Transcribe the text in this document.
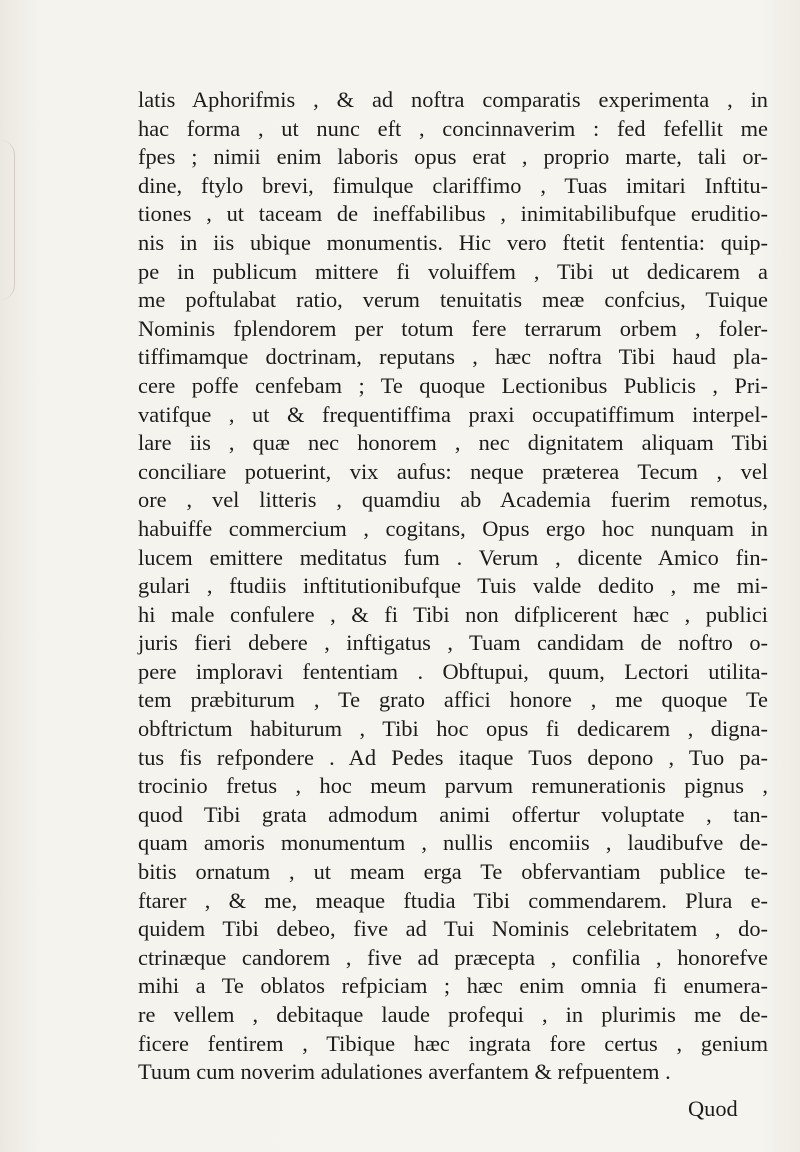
latis Aphorifmis , & ad noftra comparatis experimenta , in
hac forma , ut nunc eft , concinnaverim : fed fefellit me
fpes ; nimii enim laboris opus erat , proprio marte, tali or-
dine, ftylo brevi, fimulque clariffimo , Tuas imitari Inftitu-
tiones , ut taceam de ineffabilibus , inimitabilibufque eruditio-
nis in iis ubique monumentis. Hic vero ftetit fententia: quip-
pe in publicum mittere fi voluiffem , Tibi ut dedicarem a
me poftulabat ratio, verum tenuitatis meæ confcius, Tuique
Nominis fplendorem per totum fere terrarum orbem , foler-
tiffimamque doctrinam, reputans , hæc noftra Tibi haud pla-
cere poffe cenfebam ; Te quoque Lectionibus Publicis , Pri-
vatifque , ut & frequentiffima praxi occupatiffimum interpel-
lare iis , quæ nec honorem , nec dignitatem aliquam Tibi
conciliare potuerint, vix aufus: neque præterea Tecum , vel
ore , vel litteris , quamdiu ab Academia fuerim remotus,
habuiffe commercium , cogitans, Opus ergo hoc nunquam in
lucem emittere meditatus fum . Verum , dicente Amico fin-
gulari , ftudiis inftitutionibufque Tuis valde dedito , me mi-
hi male confulere , & fi Tibi non difplicerent hæc , publici
juris fieri debere , inftigatus , Tuam candidam de noftro o-
pere imploravi fententiam . Obftupui, quum, Lectori utilita-
tem præbiturum , Te grato affici honore , me quoque Te
obftrictum habiturum , Tibi hoc opus fi dedicarem , digna-
tus fis refpondere . Ad Pedes itaque Tuos depono , Tuo pa-
trocinio fretus , hoc meum parvum remunerationis pignus ,
quod Tibi grata admodum animi offertur voluptate , tan-
quam amoris monumentum , nullis encomiis , laudibufve de-
bitis ornatum , ut meam erga Te obfervantiam publice te-
ftarer , & me, meaque ftudia Tibi commendarem. Plura e-
quidem Tibi debeo, five ad Tui Nominis celebritatem , do-
ctrinæque candorem , five ad præcepta , confilia , honorefve
mihi a Te oblatos refpiciam ; hæc enim omnia fi enumera-
re vellem , debitaque laude profequi , in plurimis me de-
ficere fentirem , Tibique hæc ingrata fore certus , genium
Tuum cum noverim adulationes averfantem & refpuentem .
Quod
